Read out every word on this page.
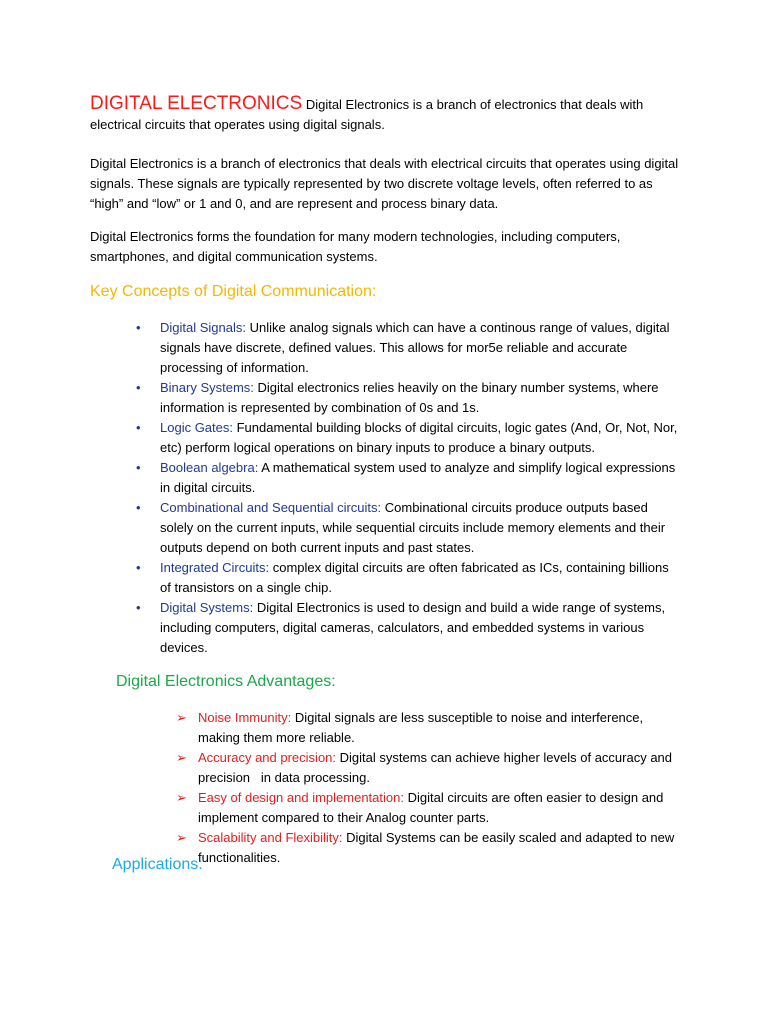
DIGITAL ELECTRONICS Digital Electronics is a branch of electronics that deals with electrical circuits that operates using digital signals.
Digital Electronics is a branch of electronics that deals with electrical circuits that operates using digital signals. These signals are typically represented by two discrete voltage levels, often referred to as “high” and “low” or 1 and 0, and are represent and process binary data.
Digital Electronics forms the foundation for many modern technologies, including computers, smartphones, and digital communication systems.
Key Concepts of Digital Communication:
• Digital Signals: Unlike analog signals which can have a continous range of values, digital signals have discrete, defined values. This allows for mor5e reliable and accurate processing of information.
• Binary Systems: Digital electronics relies heavily on the binary number systems, where information is represented by combination of 0s and 1s.
• Logic Gates: Fundamental building blocks of digital circuits, logic gates (And, Or, Not, Nor, etc) perform logical operations on binary inputs to produce a binary outputs.
• Boolean algebra: A mathematical system used to analyze and simplify logical expressions in digital circuits.
• Combinational and Sequential circuits: Combinational circuits produce outputs based solely on the current inputs, while sequential circuits include memory elements and their outputs depend on both current inputs and past states.
• Integrated Circuits: complex digital circuits are often fabricated as ICs, containing billions of transistors on a single chip.
• Digital Systems: Digital Electronics is used to design and build a wide range of systems, including computers, digital cameras, calculators, and embedded systems in various devices.
Digital Electronics Advantages:
➢ Noise Immunity: Digital signals are less susceptible to noise and interference, making them more reliable.
➢ Accuracy and precision: Digital systems can achieve higher levels of accuracy and precision   in data processing.
➢ Easy of design and implementation: Digital circuits are often easier to design and implement compared to their Analog counter parts.
➢ Scalability and Flexibility: Digital Systems can be easily scaled and adapted to new functionalities.
Applications:
